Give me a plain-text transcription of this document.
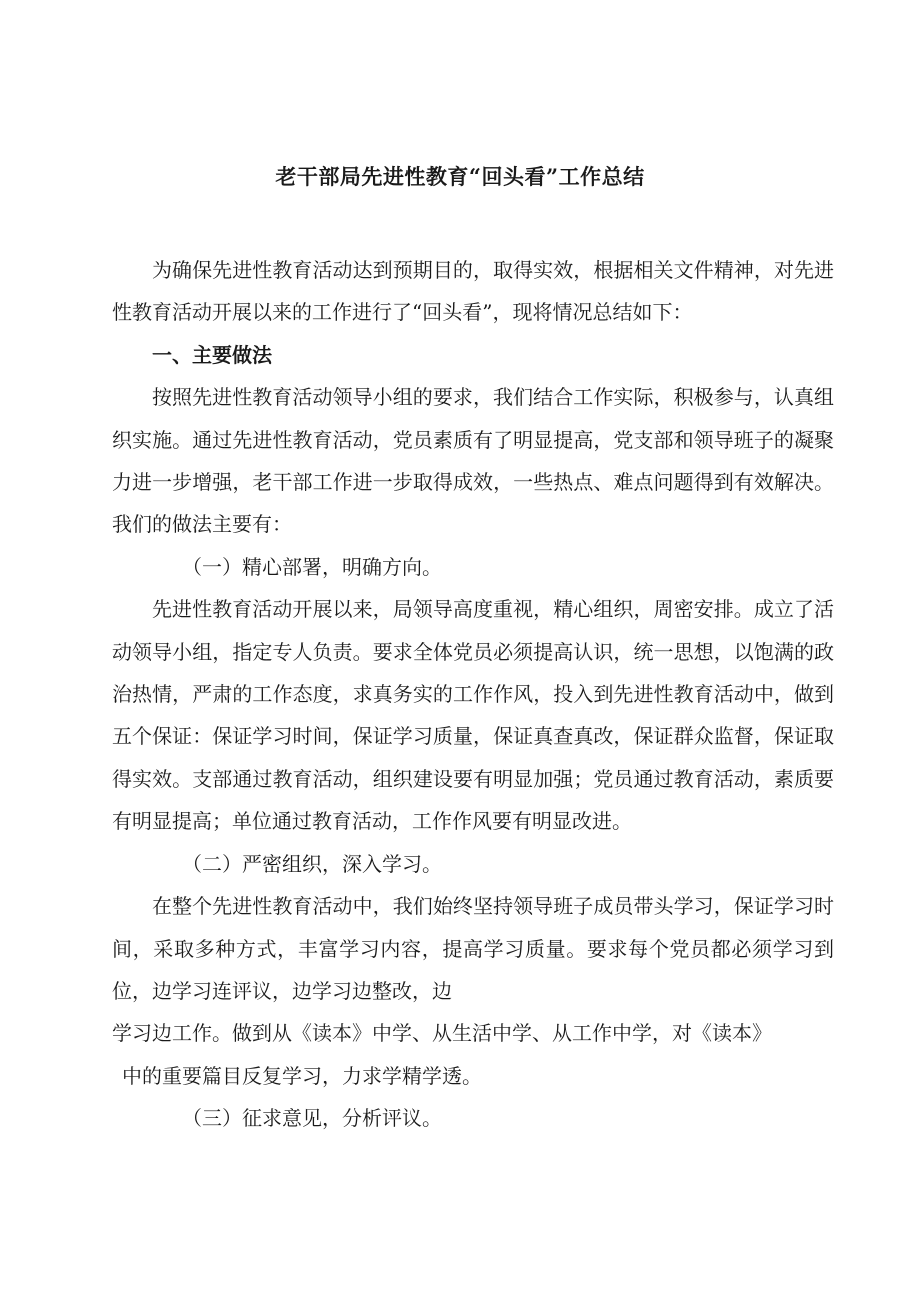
老干部局先进性教育“回头看”工作总结

为确保先进性教育活动达到预期目的，取得实效，根据相关文件精神，对先进性教育活动开展以来的工作进行了“回头看”，现将情况总结如下：

一、主要做法

按照先进性教育活动领导小组的要求，我们结合工作实际，积极参与，认真组织实施。通过先进性教育活动，党员素质有了明显提高，党支部和领导班子的凝聚力进一步增强，老干部工作进一步取得成效，一些热点、难点问题得到有效解决。我们的做法主要有：

（一）精心部署，明确方向。

先进性教育活动开展以来，局领导高度重视，精心组织，周密安排。成立了活动领导小组，指定专人负责。要求全体党员必须提高认识，统一思想，以饱满的政治热情，严肃的工作态度，求真务实的工作作风，投入到先进性教育活动中，做到五个保证：保证学习时间，保证学习质量，保证真查真改，保证群众监督，保证取得实效。支部通过教育活动，组织建设要有明显加强；党员通过教育活动，素质要有明显提高；单位通过教育活动，工作作风要有明显改进。

（二）严密组织，深入学习。

在整个先进性教育活动中，我们始终坚持领导班子成员带头学习，保证学习时间，采取多种方式，丰富学习内容，提高学习质量。要求每个党员都必须学习到位，边学习连评议，边学习边整改，边

学习边工作。做到从《读本》中学、从生活中学、从工作中学，对《读本》

中的重要篇目反复学习，力求学精学透。

（三）征求意见，分析评议。
